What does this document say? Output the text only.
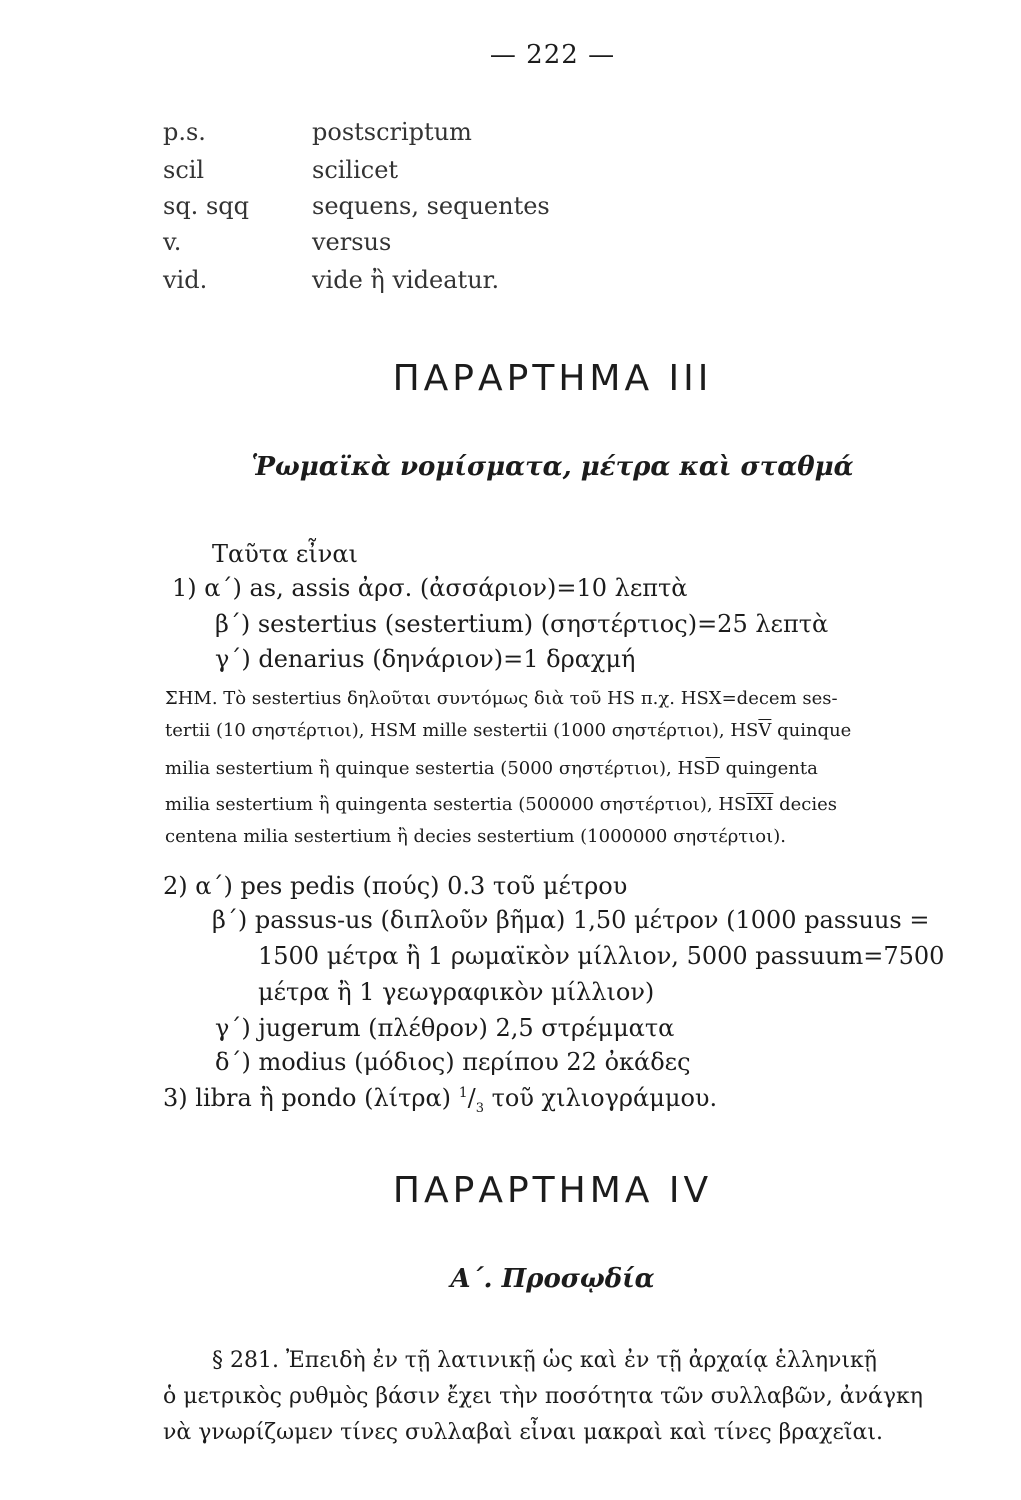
— 222 —
p.s.	postscriptum
scil	scilicet
sq. sqq	sequens, sequentes
v.	versus
vid.	vide ἢ videatur.
ΠΑΡΑΡΤΗΜΑ III
Ῥωμαϊκὰ νομίσματα, μέτρα καὶ σταθμά
Ταῦτα εἶναι
1) α΄) as, assis ἀρσ. (ἀσσάριον)=10 λεπτὰ
β΄) sestertius (sestertium) (σηστέρτιος)=25 λεπτὰ
γ΄) denarius (δηνάριον)=1 δραχμή
ΣΗΜ. Τὸ sestertius δηλοῦται συντόμως διὰ τοῦ HS π.χ. HSX=decem ses-
tertii (10 σηστέρτιοι), HSM mille sestertii (1000 σηστέρτιοι), $HS\overline{V}$ quinque
milia sestertium ἢ quinque sestertia (5000 σηστέρτιοι), $HS\overline{D}$ quingenta
milia sestertium ἢ quingenta sestertia (500000 σηστέρτιοι), $HS\overline{IXI}$ decies
centena milia sestertium ἢ decies sestertium (1000000 σηστέρτιοι).
2) α΄) pes pedis (πούς) 0.3 τοῦ μέτρου
β΄) passus-us (διπλοῦν βῆμα) 1,50 μέτρον (1000 passuus =
1500 μέτρα ἢ 1 ρωμαϊκὸν μίλλιον, 5000 passuum=7500
μέτρα ἢ 1 γεωγραφικὸν μίλλιον)
γ΄) jugerum (πλέθρον) 2,5 στρέμματα
δ΄) modius (μόδιος) περίπου 22 ὀκάδες
3) libra ἢ pondo (λίτρα) $^1/_3$ τοῦ χιλιογράμμου.
ΠΑΡΑΡΤΗΜΑ IV
Α΄. Προσῳδία
§ 281. Ἐπειδὴ ἐν τῇ λατινικῇ ὡς καὶ ἐν τῇ ἀρχαίᾳ ἑλληνικῇ
ὁ μετρικὸς ρυθμὸς βάσιν ἔχει τὴν ποσότητα τῶν συλλαβῶν, ἀνάγκη
νὰ γνωρίζωμεν τίνες συλλαβαὶ εἶναι μακραὶ καὶ τίνες βραχεῖαι.
